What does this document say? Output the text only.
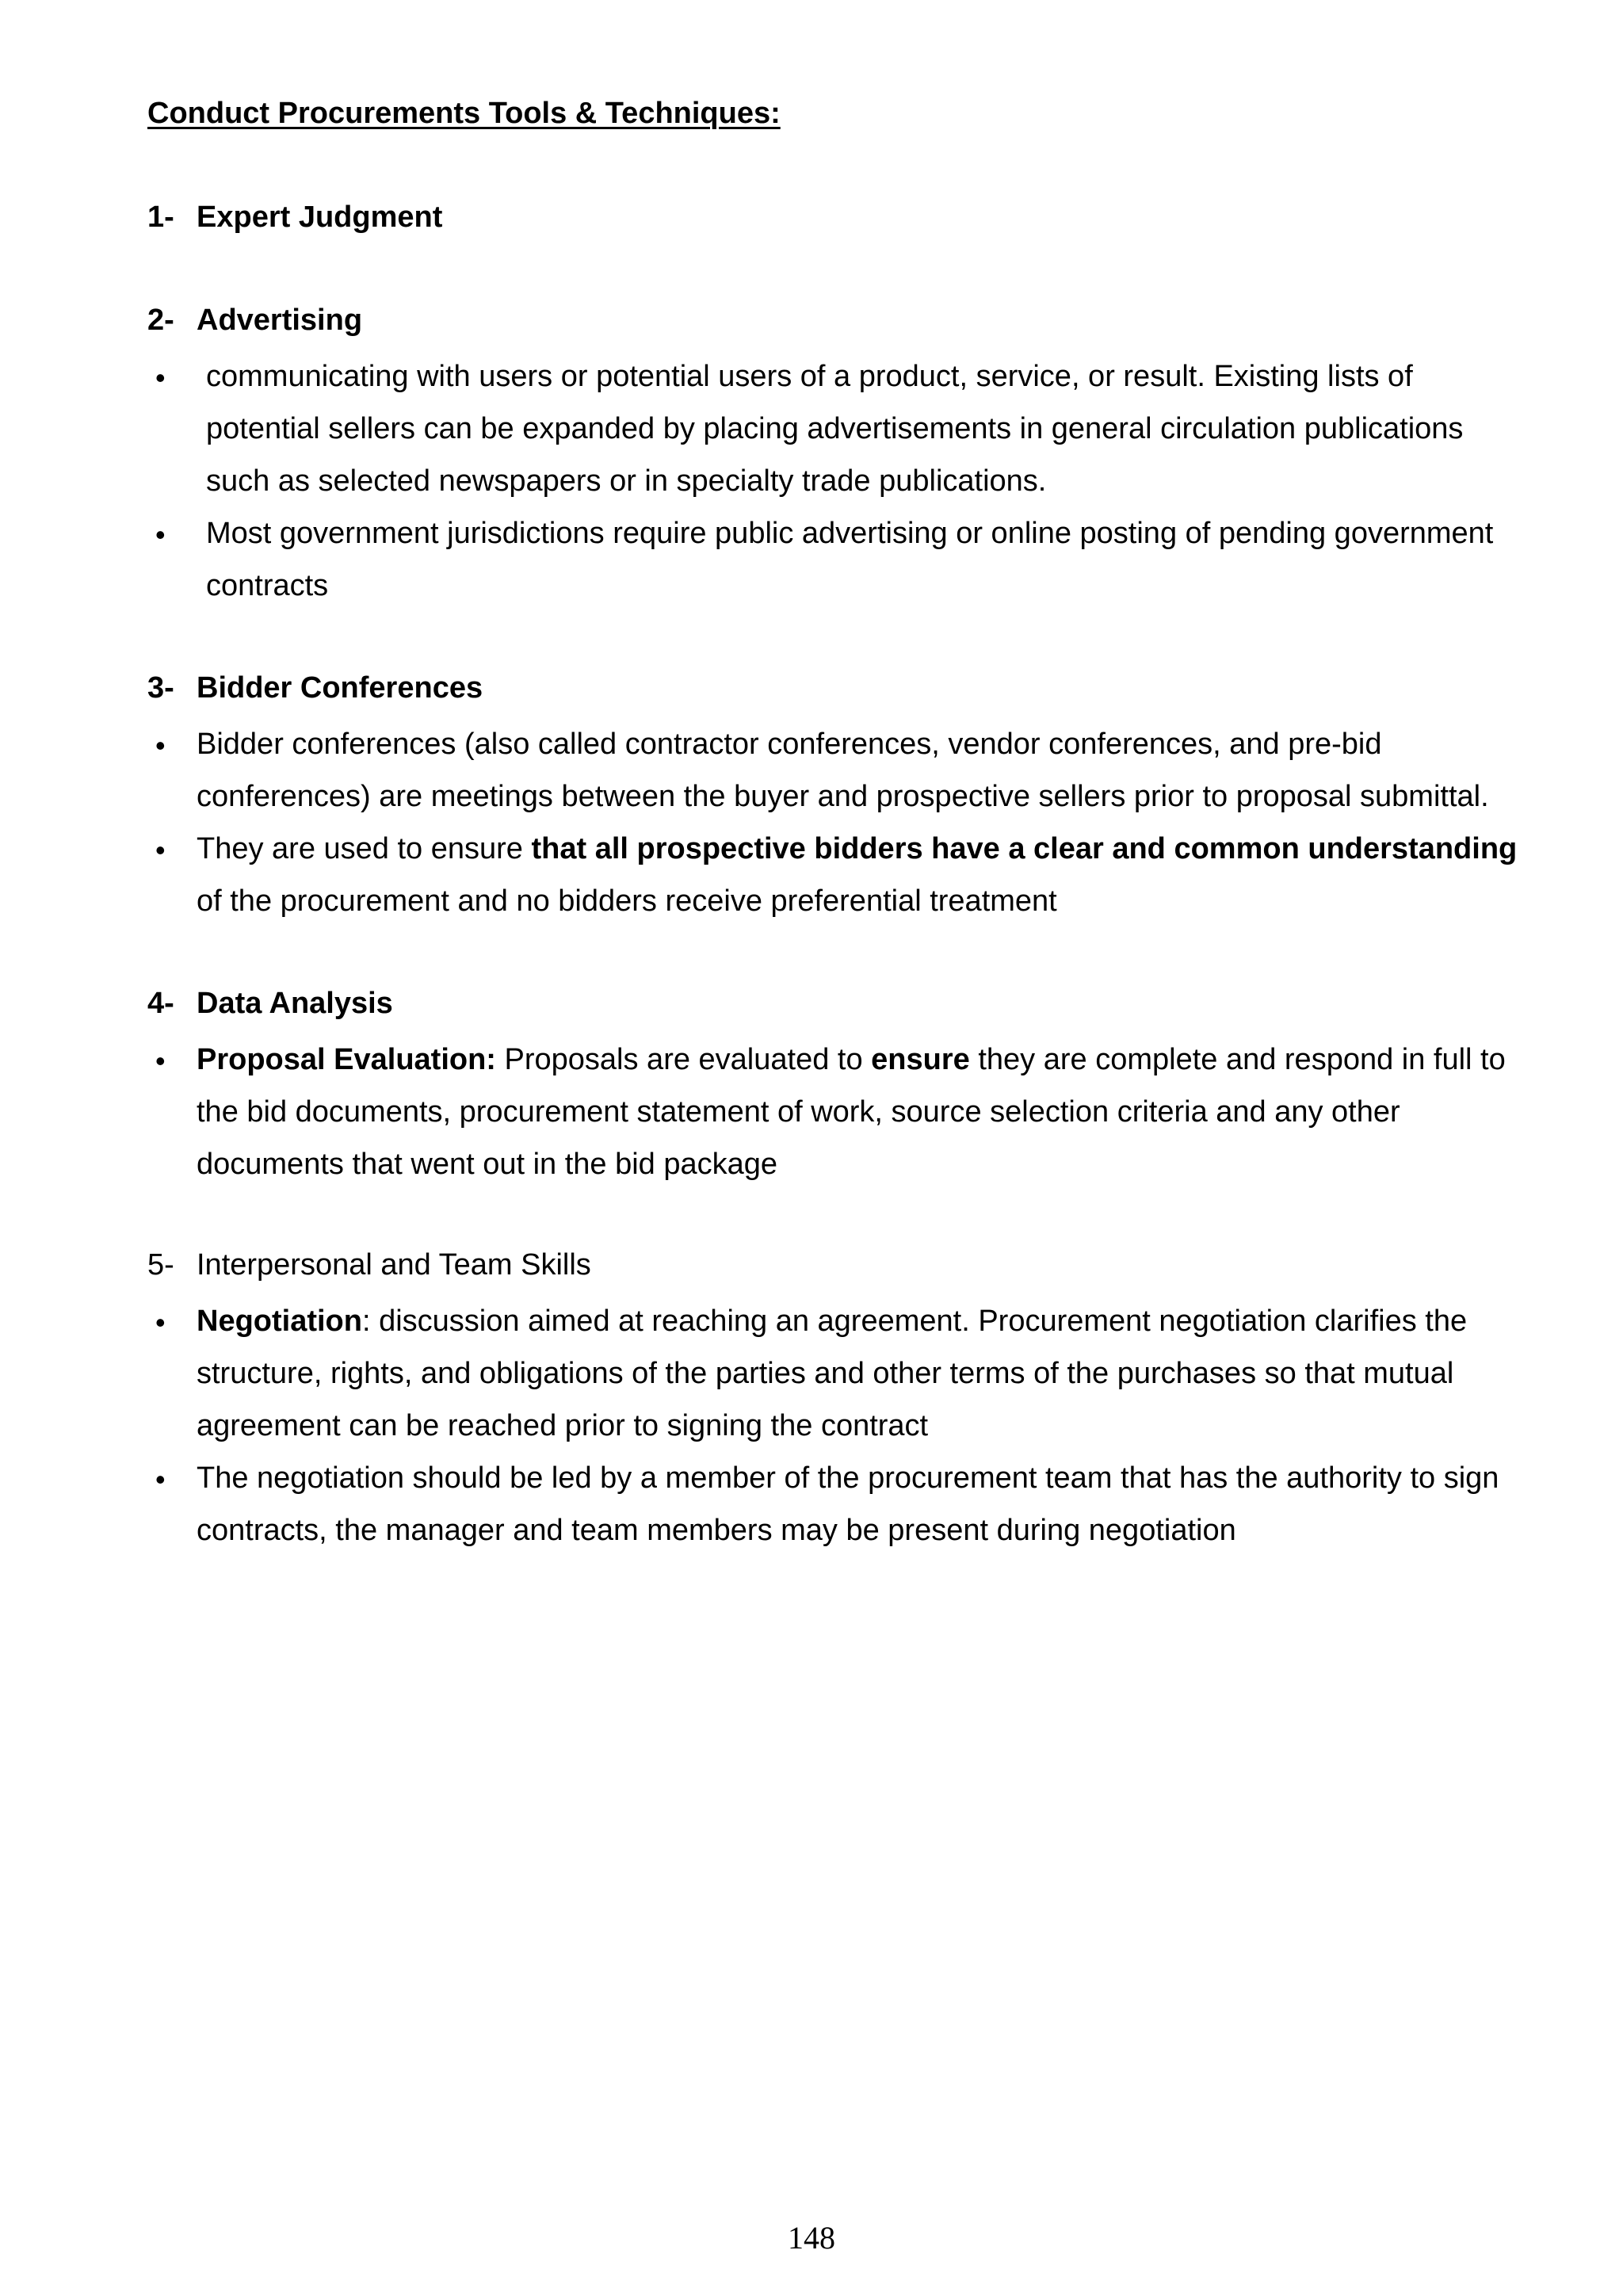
Conduct Procurements Tools & Techniques:
1- Expert Judgment
2- Advertising
• communicating with users or potential users of a product, service, or result. Existing lists of
potential sellers can be expanded by placing advertisements in general circulation publications
such as selected newspapers or in specialty trade publications.
• Most government jurisdictions require public advertising or online posting of pending government
contracts
3- Bidder Conferences
• Bidder conferences (also called contractor conferences, vendor conferences, and pre-bid
conferences) are meetings between the buyer and prospective sellers prior to proposal submittal.
• They are used to ensure that all prospective bidders have a clear and common understanding
of the procurement and no bidders receive preferential treatment
4- Data Analysis
• Proposal Evaluation: Proposals are evaluated to ensure they are complete and respond in full to
the bid documents, procurement statement of work, source selection criteria and any other
documents that went out in the bid package
5- Interpersonal and Team Skills
• Negotiation: discussion aimed at reaching an agreement. Procurement negotiation clarifies the
structure, rights, and obligations of the parties and other terms of the purchases so that mutual
agreement can be reached prior to signing the contract
• The negotiation should be led by a member of the procurement team that has the authority to sign
contracts, the manager and team members may be present during negotiation
148
